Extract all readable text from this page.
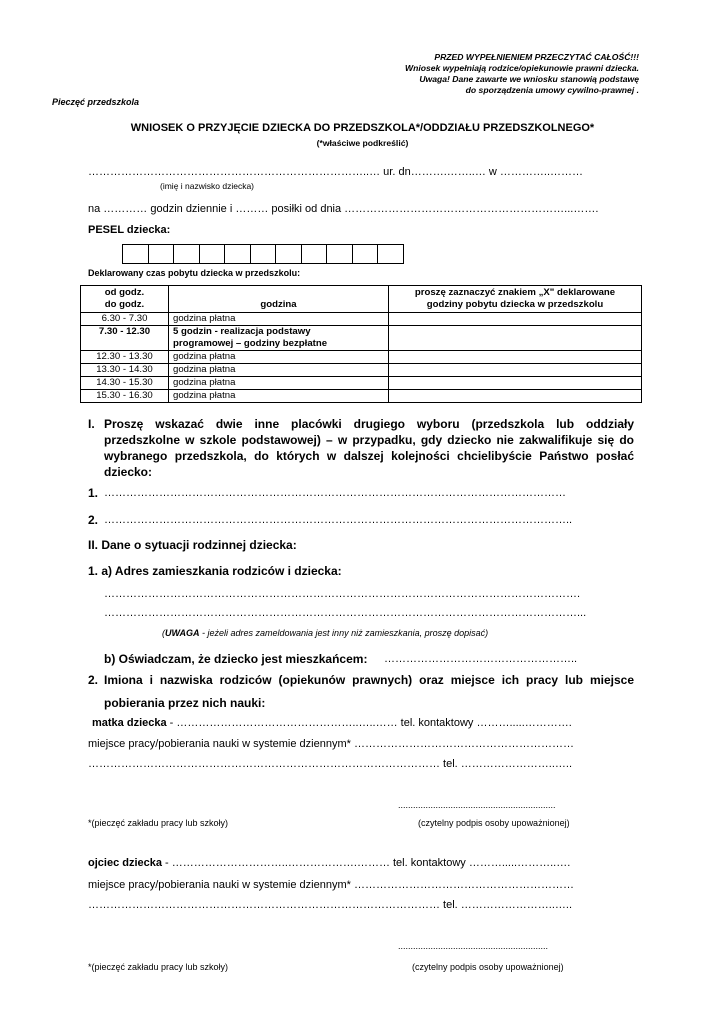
PRZED WYPEŁNIENIEM PRZECZYTAĆ CAŁOŚĆ!!!
Wniosek wypełniają rodzice/opiekunowie prawni dziecka.
Uwaga! Dane zawarte we wniosku stanowią podstawę
do sporządzenia umowy cywilno-prawnej .
Pieczęć przedszkola
WNIOSEK O PRZYJĘCIE DZIECKA DO PRZEDSZKOLA*/ODDZIAŁU PRZEDSZKOLNEGO*
(*właściwe podkreślić)
…………………………………………………………………..… ur. dn……….……..… w …………..………
(imię i nazwisko dziecka)
na ………… godzin dziennie i ……… posiłki od dnia ……………………………………………………...…….
PESEL dziecka:
Deklarowany czas pobytu dziecka w przedszkolu:
od godz.
do godz.	godzina	proszę zaznaczyć znakiem „X" deklarowane
godziny pobytu dziecka w przedszkolu
6.30 - 7.30	godzina płatna	
7.30 - 12.30	5 godzin - realizacja podstawy
programowej – godziny bezpłatne	
12.30 - 13.30	godzina płatna	
13.30 - 14.30	godzina płatna	
14.30 - 15.30	godzina płatna	
15.30 - 16.30	godzina płatna	
I. Proszę wskazać dwie inne placówki drugiego wyboru (przedszkola lub oddziały
przedszkolne w szkole podstawowej) – w przypadku, gdy dziecko nie zakwalifikuje się do
wybranego przedszkola, do których w dalszej kolejności chcielibyście Państwo posłać
dziecko:
1. ………………………………………………………………………………………………………………
2. ………………………………………………………………………………………………………………..
II. Dane o sytuacji rodzinnej dziecka:
1. a) Adres zamieszkania rodziców i dziecka:
………………………………………………………………………………………………………………….
…………………………………………………………………………………………………………………...
(UWAGA - jeżeli adres zameldowania jest inny niż zamieszkania, proszę dopisać)
b) Oświadczam, że dziecko jest mieszkańcem: ……………………………………………..
2. Imiona i nazwiska rodziców (opiekunów prawnych) oraz miejsce ich pracy lub miejsce
pobierania przez nich nauki:
matka dziecka - …………………………………………..…..…… tel. kontaktowy ……….....………….
miejsce pracy/pobierania nauki w systemie dziennym* ……………………………………………………
…………………………………………………………………………………… tel. ……………………..…..
...............................................................
*(pieczęć zakładu pracy lub szkoły)	(czytelny podpis osoby upoważnionej)
ojciec dziecka - …………………………..……………….……… tel. kontaktowy ……….....………..….
miejsce pracy/pobierania nauki w systemie dziennym* ……………………………………………………
…………………………………………………………………………………… tel. ……………………..…..
............................................................
*(pieczęć zakładu pracy lub szkoły)	(czytelny podpis osoby upoważnionej)
